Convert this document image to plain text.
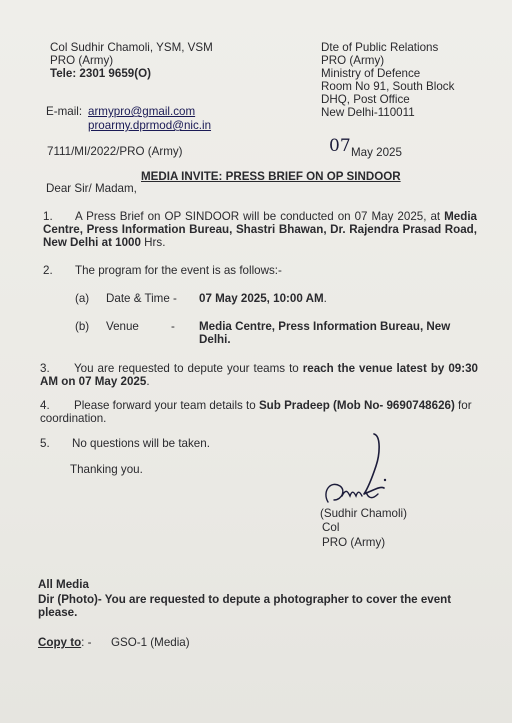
Col Sudhir Chamoli, YSM, VSM
PRO (Army)
Tele: 2301 9659(O)
E-mail: armypro@gmail.com
proarmy.dprmod@nic.in
Dte of Public Relations
PRO (Army)
Ministry of Defence
Room No 91, South Block
DHQ, Post Office
New Delhi-110011
7111/MI/2022/PRO (Army)	07 May 2025
MEDIA INVITE: PRESS BRIEF ON OP SINDOOR
Dear Sir/ Madam,
1.	A Press Brief on OP SINDOOR will be conducted on 07 May 2025, at Media Centre, Press Information Bureau, Shastri Bhawan, Dr. Rajendra Prasad Road, New Delhi at 1000 Hrs.
2. The program for the event is as follows:-
(a) Date & Time - 07 May 2025, 10:00 AM.
(b) Venue	- Media Centre, Press Information Bureau, New Delhi.
3.	You are requested to depute your teams to reach the venue latest by 09:30 AM on 07 May 2025.
4.	Please forward your team details to Sub Pradeep (Mob No- 9690748626) for coordination.
5. No questions will be taken.
Thanking you.
(Sudhir Chamoli)
Col
PRO (Army)
All Media
Dir (Photo)- You are requested to depute a photographer to cover the event please.
Copy to: - GSO-1 (Media)
